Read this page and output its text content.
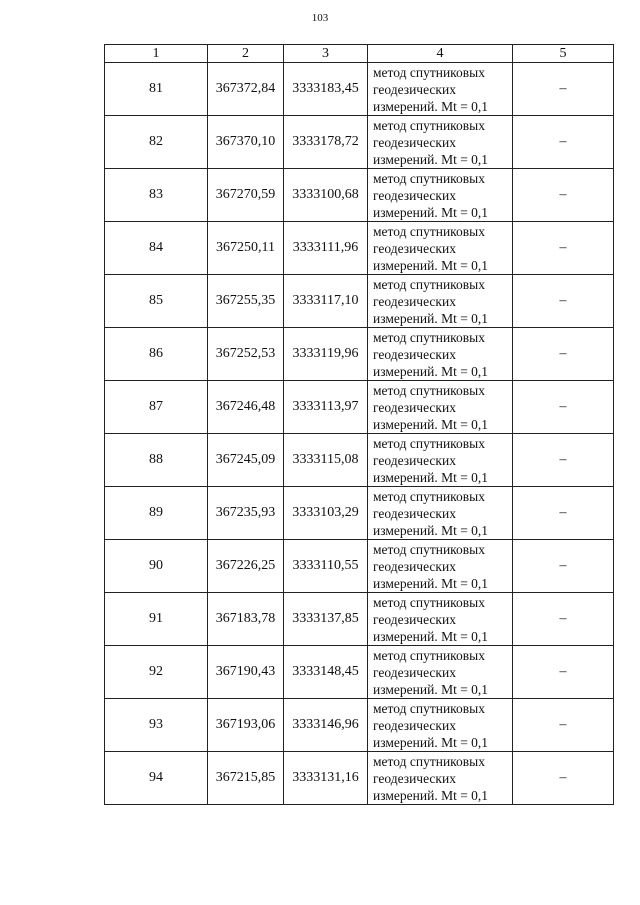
103
1	2	3	4	5
81	367372,84	3333183,45	метод спутниковых
геодезических
измерений. Mt = 0,1	–
82	367370,10	3333178,72	метод спутниковых
геодезических
измерений. Mt = 0,1	–
83	367270,59	3333100,68	метод спутниковых
геодезических
измерений. Mt = 0,1	–
84	367250,11	3333111,96	метод спутниковых
геодезических
измерений. Mt = 0,1	–
85	367255,35	3333117,10	метод спутниковых
геодезических
измерений. Mt = 0,1	–
86	367252,53	3333119,96	метод спутниковых
геодезических
измерений. Mt = 0,1	–
87	367246,48	3333113,97	метод спутниковых
геодезических
измерений. Mt = 0,1	–
88	367245,09	3333115,08	метод спутниковых
геодезических
измерений. Mt = 0,1	–
89	367235,93	3333103,29	метод спутниковых
геодезических
измерений. Mt = 0,1	–
90	367226,25	3333110,55	метод спутниковых
геодезических
измерений. Mt = 0,1	–
91	367183,78	3333137,85	метод спутниковых
геодезических
измерений. Mt = 0,1	–
92	367190,43	3333148,45	метод спутниковых
геодезических
измерений. Mt = 0,1	–
93	367193,06	3333146,96	метод спутниковых
геодезических
измерений. Mt = 0,1	–
94	367215,85	3333131,16	метод спутниковых
геодезических
измерений. Mt = 0,1	–
